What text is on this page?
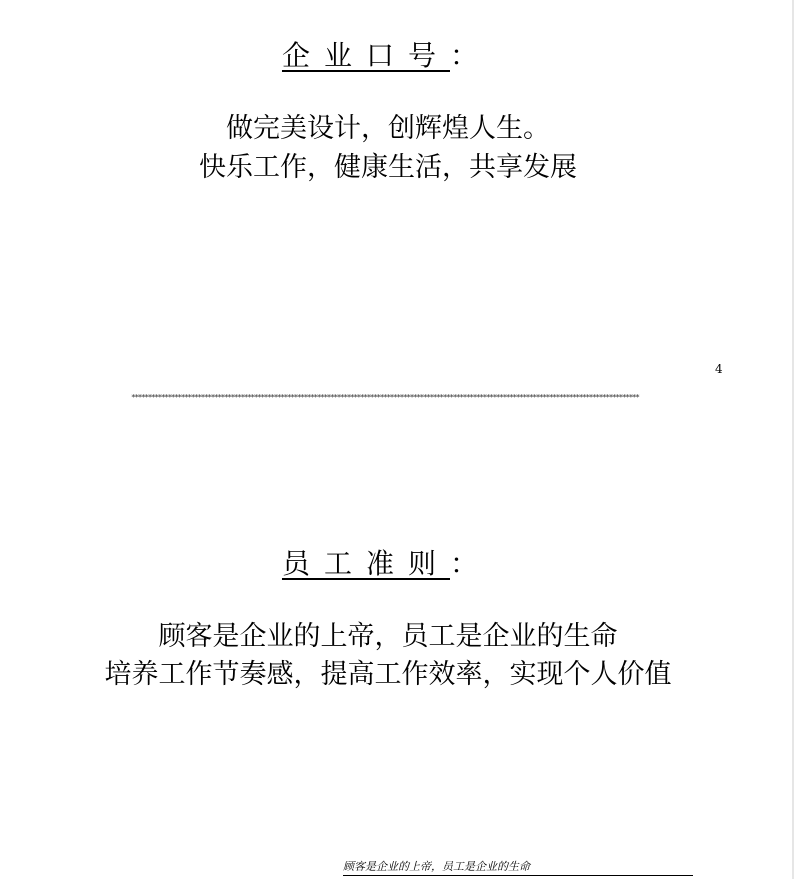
企业口号：
做完美设计，创辉煌人生。
快乐工作，健康生活，共享发展
4
*********************************************************************************************************************************************************
员工准则：
顾客是企业的上帝，员工是企业的生命
培养工作节奏感，提高工作效率，实现个人价值
顾客是企业的上帝，员工是企业的生命
